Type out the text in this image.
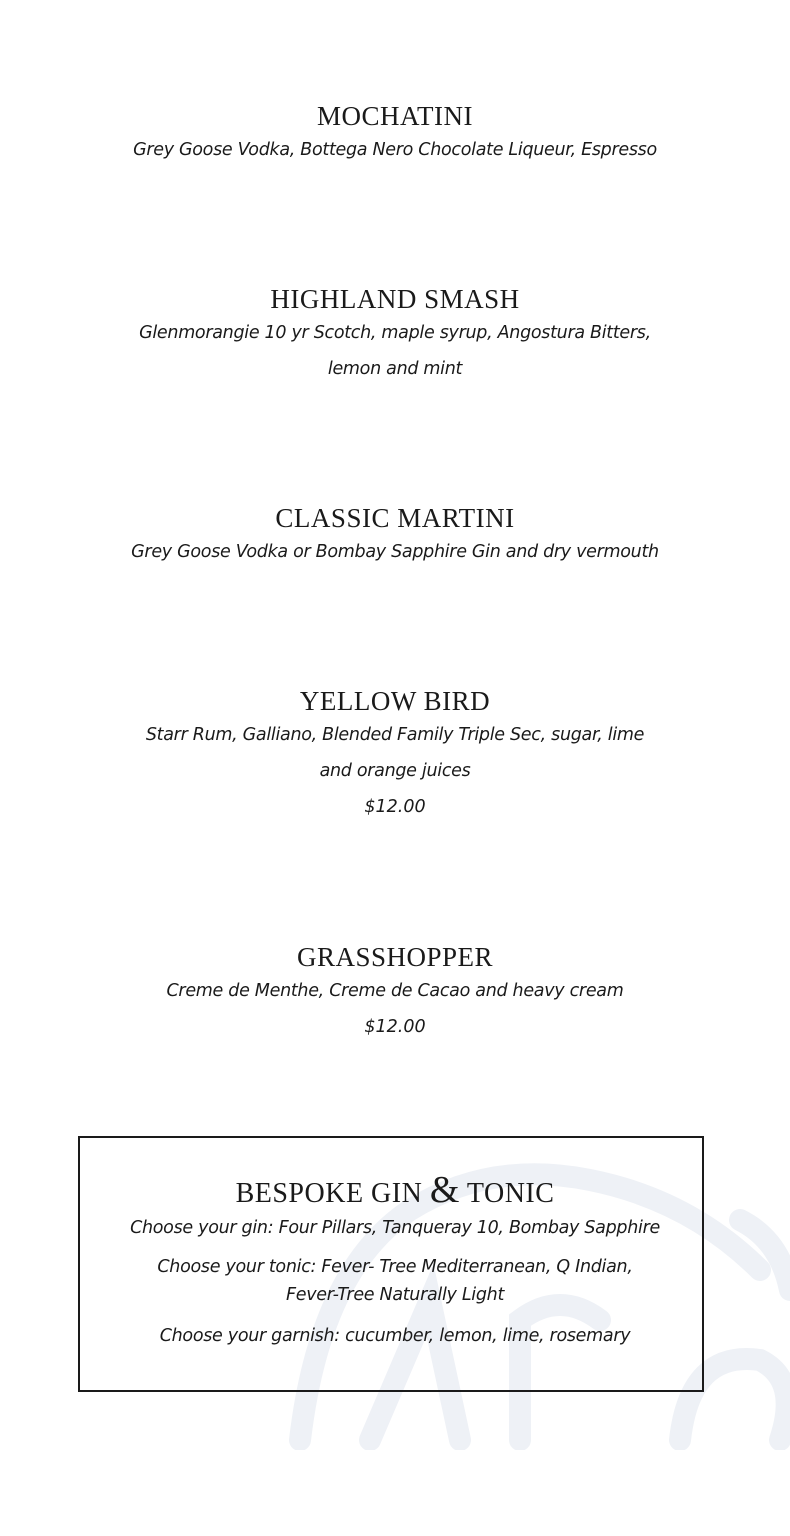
MOCHATINI
Grey Goose Vodka, Bottega Nero Chocolate Liqueur, Espresso
HIGHLAND SMASH
Glenmorangie 10 yr Scotch, maple syrup, Angostura Bitters,
lemon and mint
CLASSIC MARTINI
Grey Goose Vodka or Bombay Sapphire Gin and dry vermouth
YELLOW BIRD
Starr Rum, Galliano, Blended Family Triple Sec, sugar, lime
and orange juices
$12.00
GRASSHOPPER
Creme de Menthe, Creme de Cacao and heavy cream
$12.00
BESPOKE GIN & TONIC
Choose your gin: Four Pillars, Tanqueray 10, Bombay Sapphire
Choose your tonic: Fever- Tree Mediterranean, Q Indian,
Fever-Tree Naturally Light
Choose your garnish: cucumber, lemon, lime, rosemary
